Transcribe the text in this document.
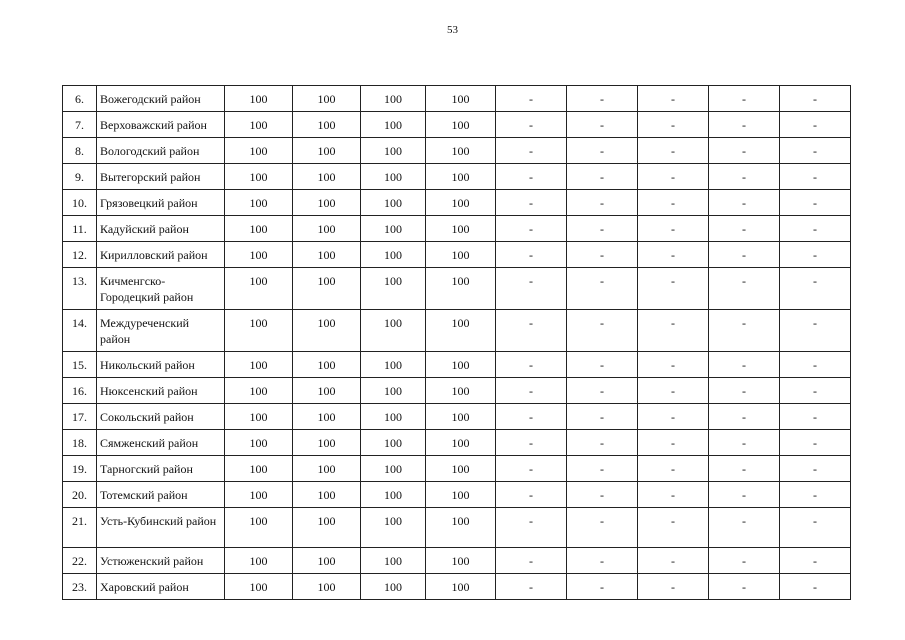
53
6.	Вожегодский район	100	100	100	100	-	-	-	-	-
7.	Верховажский район	100	100	100	100	-	-	-	-	-
8.	Вологодский район	100	100	100	100	-	-	-	-	-
9.	Вытегорский район	100	100	100	100	-	-	-	-	-
10.	Грязовецкий район	100	100	100	100	-	-	-	-	-
11.	Кадуйский район	100	100	100	100	-	-	-	-	-
12.	Кирилловский район	100	100	100	100	-	-	-	-	-
13.	Кичменгско-Городецкий район	100	100	100	100	-	-	-	-	-
14.	Междуреченский район	100	100	100	100	-	-	-	-	-
15.	Никольский район	100	100	100	100	-	-	-	-	-
16.	Нюксенский район	100	100	100	100	-	-	-	-	-
17.	Сокольский район	100	100	100	100	-	-	-	-	-
18.	Сямженский район	100	100	100	100	-	-	-	-	-
19.	Тарногский район	100	100	100	100	-	-	-	-	-
20.	Тотемский район	100	100	100	100	-	-	-	-	-
21.	Усть-Кубинский район	100	100	100	100	-	-	-	-	-
22.	Устюженский район	100	100	100	100	-	-	-	-	-
23.	Харовский район	100	100	100	100	-	-	-	-	-
